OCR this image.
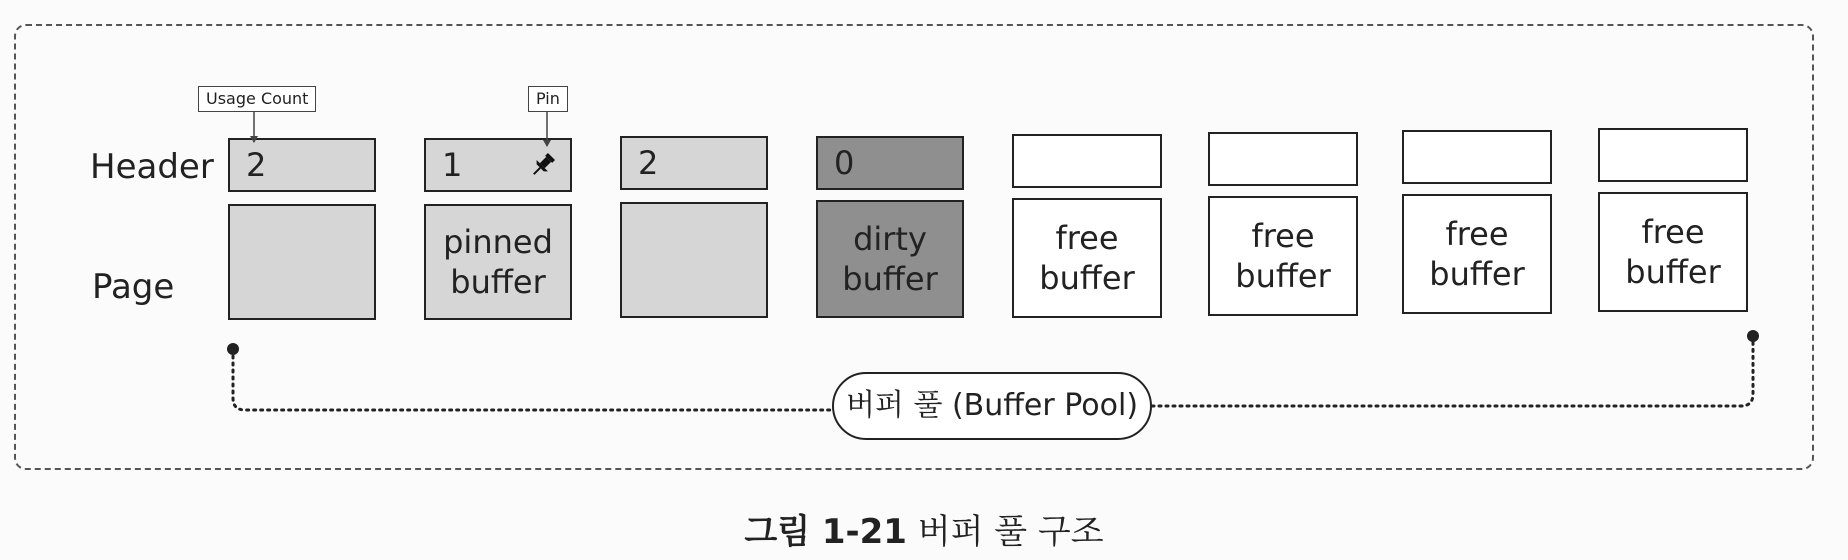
Header
Page
Usage Count	Pin
2	1
pinned
buffer
2	0
dirty
buffer
free
buffer
free
buffer
free
buffer
free
buffer
버퍼 풀 (Buffer Pool)
그림 1-21 버퍼 풀 구조
